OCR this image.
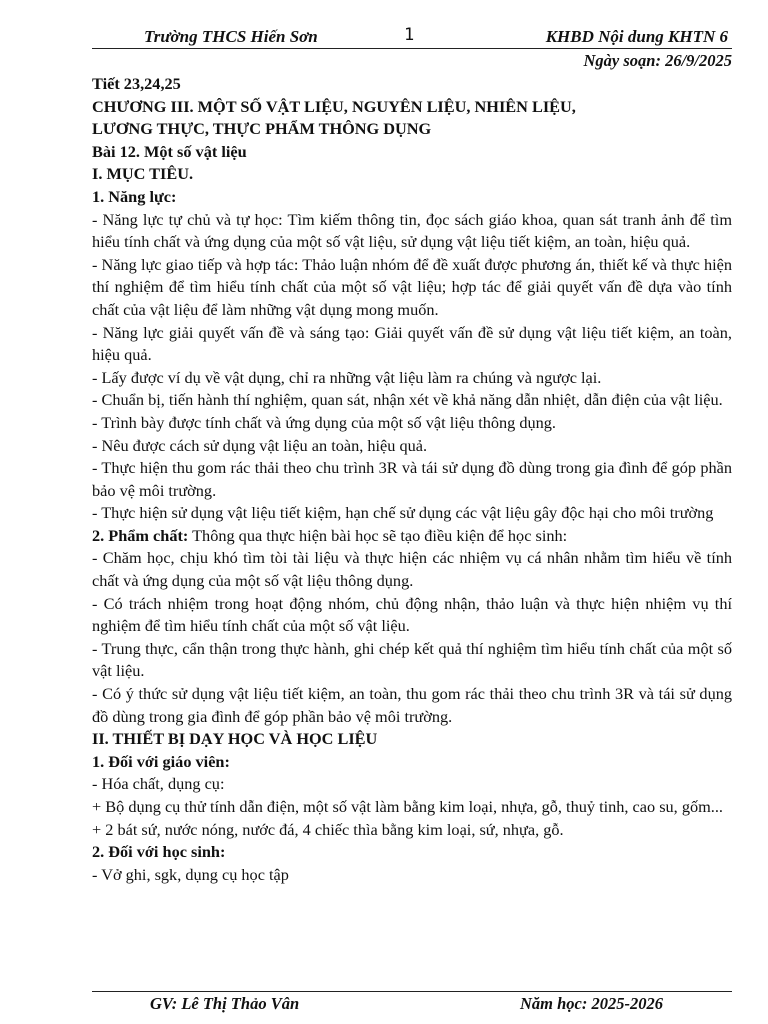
Trường THCS Hiến Sơn	1	KHBD Nội dung KHTN 6
Ngày soạn: 26/9/2025

Tiết 23,24,25

CHƯƠNG III. MỘT SỐ VẬT LIỆU, NGUYÊN LIỆU, NHIÊN LIỆU,

LƯƠNG THỰC, THỰC PHẨM THÔNG DỤNG

Bài 12. Một số vật liệu

I. MỤC TIÊU.

1. Năng lực:

- Năng lực tự chủ và tự học: Tìm kiếm thông tin, đọc sách giáo khoa, quan sát tranh ảnh để tìm hiểu tính chất và ứng dụng của một số vật liệu, sử dụng vật liệu tiết kiệm, an toàn, hiệu quả.

- Năng lực giao tiếp và hợp tác: Thảo luận nhóm để đề xuất được phương án, thiết kế và thực hiện thí nghiệm để tìm hiểu tính chất của một số vật liệu; hợp tác để giải quyết vấn đề dựa vào tính chất của vật liệu để làm những vật dụng mong muốn.

- Năng lực giải quyết vấn đề và sáng tạo: Giải quyết vấn đề sử dụng vật liệu tiết kiệm, an toàn, hiệu quả.

- Lấy được ví dụ về vật dụng, chỉ ra những vật liệu làm ra chúng và ngược lại.

- Chuẩn bị, tiến hành thí nghiệm, quan sát, nhận xét về khả năng dẫn nhiệt, dẫn điện của vật liệu.

- Trình bày được tính chất và ứng dụng của một số vật liệu thông dụng.

- Nêu được cách sử dụng vật liệu an toàn, hiệu quả.

- Thực hiện thu gom rác thải theo chu trình 3R và tái sử dụng đồ dùng trong gia đình để góp phần bảo vệ môi trường.

- Thực hiện sử dụng vật liệu tiết kiệm, hạn chế sử dụng các vật liệu gây độc hại cho môi trường

2. Phẩm chất: Thông qua thực hiện bài học sẽ tạo điều kiện để học sinh:

- Chăm học, chịu khó tìm tòi tài liệu và thực hiện các nhiệm vụ cá nhân nhằm tìm hiểu về tính chất và ứng dụng của một số vật liệu thông dụng.

- Có trách nhiệm trong hoạt động nhóm, chủ động nhận, thảo luận và thực hiện nhiệm vụ thí nghiệm để tìm hiểu tính chất của một số vật liệu.

- Trung thực, cẩn thận trong thực hành, ghi chép kết quả thí nghiệm tìm hiểu tính chất của một số vật liệu.

- Có ý thức sử dụng vật liệu tiết kiệm, an toàn, thu gom rác thải theo chu trình 3R và tái sử dụng đồ dùng trong gia đình để góp phần bảo vệ môi trường.

II. THIẾT BỊ DẠY HỌC VÀ HỌC LIỆU

1. Đối với giáo viên:

- Hóa chất, dụng cụ:

+ Bộ dụng cụ thử tính dẫn điện, một số vật làm bằng kim loại, nhựa, gỗ, thuỷ tinh, cao su, gốm...

+ 2 bát sứ, nước nóng, nước đá, 4 chiếc thìa bằng kim loại, sứ, nhựa, gỗ.

2. Đối với học sinh:

- Vở ghi, sgk, dụng cụ học tập

GV: Lê Thị Thảo Vân	Năm học: 2025-2026
